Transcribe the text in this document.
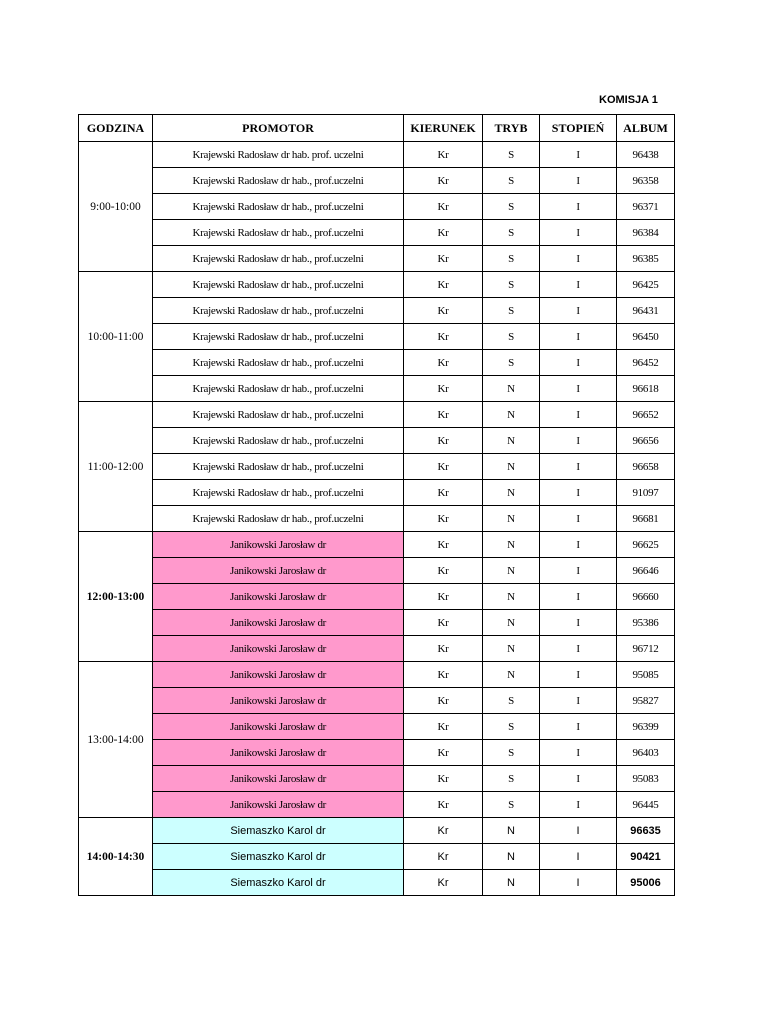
KOMISJA 1
GODZINA	PROMOTOR	KIERUNEK	TRYB	STOPIEŃ	ALBUM
9:00-10:00	Krajewski Radosław dr hab. prof. uczelni	Kr	S	I	96438
	Krajewski Radosław dr hab., prof.uczelni	Kr	S	I	96358
	Krajewski Radosław dr hab., prof.uczelni	Kr	S	I	96371
	Krajewski Radosław dr hab., prof.uczelni	Kr	S	I	96384
	Krajewski Radosław dr hab., prof.uczelni	Kr	S	I	96385
10:00-11:00	Krajewski Radosław dr hab., prof.uczelni	Kr	S	I	96425
	Krajewski Radosław dr hab., prof.uczelni	Kr	S	I	96431
	Krajewski Radosław dr hab., prof.uczelni	Kr	S	I	96450
	Krajewski Radosław dr hab., prof.uczelni	Kr	S	I	96452
	Krajewski Radosław dr hab., prof.uczelni	Kr	N	I	96618
11:00-12:00	Krajewski Radosław dr hab., prof.uczelni	Kr	N	I	96652
	Krajewski Radosław dr hab., prof.uczelni	Kr	N	I	96656
	Krajewski Radosław dr hab., prof.uczelni	Kr	N	I	96658
	Krajewski Radosław dr hab., prof.uczelni	Kr	N	I	91097
	Krajewski Radosław dr hab., prof.uczelni	Kr	N	I	96681
12:00-13:00	Janikowski Jarosław dr	Kr	N	I	96625
	Janikowski Jarosław dr	Kr	N	I	96646
	Janikowski Jarosław dr	Kr	N	I	96660
	Janikowski Jarosław dr	Kr	N	I	95386
	Janikowski Jarosław dr	Kr	N	I	96712
13:00-14:00	Janikowski Jarosław dr	Kr	N	I	95085
	Janikowski Jarosław dr	Kr	S	I	95827
	Janikowski Jarosław dr	Kr	S	I	96399
	Janikowski Jarosław dr	Kr	S	I	96403
	Janikowski Jarosław dr	Kr	S	I	95083
	Janikowski Jarosław dr	Kr	S	I	96445
14:00-14:30	Siemaszko Karol dr	Kr	N	I	96635
	Siemaszko Karol dr	Kr	N	I	90421
	Siemaszko Karol dr	Kr	N	I	95006
